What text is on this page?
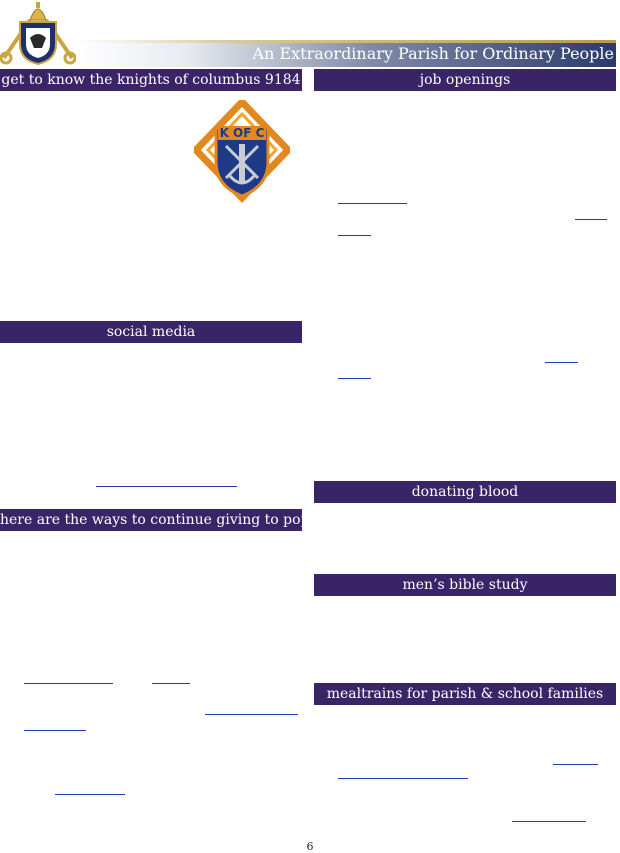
An Extraordinary Parish for Ordinary People
get to know the knights of columbus 9184
K OF C
social media
here are the ways to continue giving to pop
job openings
donating blood
men’s bible study
mealtrains for parish & school families
6
